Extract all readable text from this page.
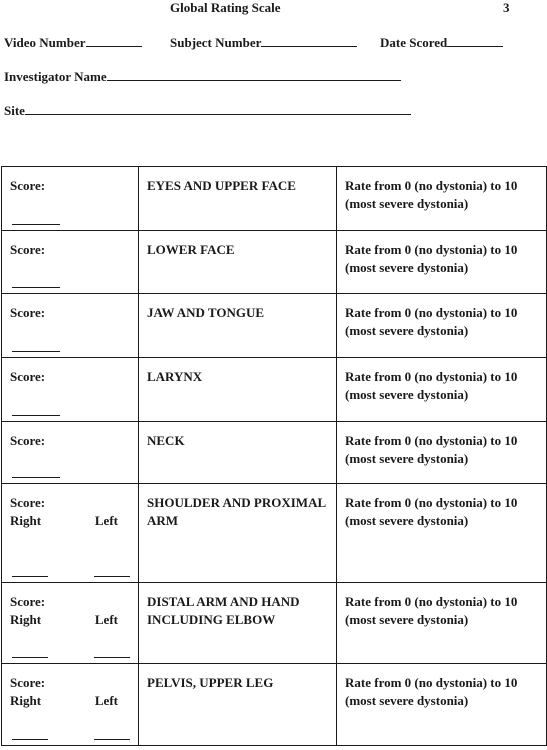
Global Rating Scale	3
Video Number	Subject Number	Date Scored
Investigator Name
Site
Score:	EYES AND UPPER FACE	Rate from 0 (no dystonia) to 10 (most severe dystonia)

Score:	LOWER FACE	Rate from 0 (no dystonia) to 10 (most severe dystonia)

Score:	JAW AND TONGUE	Rate from 0 (no dystonia) to 10 (most severe dystonia)

Score:	LARYNX	Rate from 0 (no dystonia) to 10 (most severe dystonia)

Score:	NECK	Rate from 0 (no dystonia) to 10 (most severe dystonia)

Score:
Right Left	SHOULDER AND PROXIMAL ARM	Rate from 0 (no dystonia) to 10 (most severe dystonia)

Score:
Right Left	DISTAL ARM AND HAND INCLUDING ELBOW	Rate from 0 (no dystonia) to 10 (most severe dystonia)

Score:
Right Left	PELVIS, UPPER LEG	Rate from 0 (no dystonia) to 10 (most severe dystonia)
